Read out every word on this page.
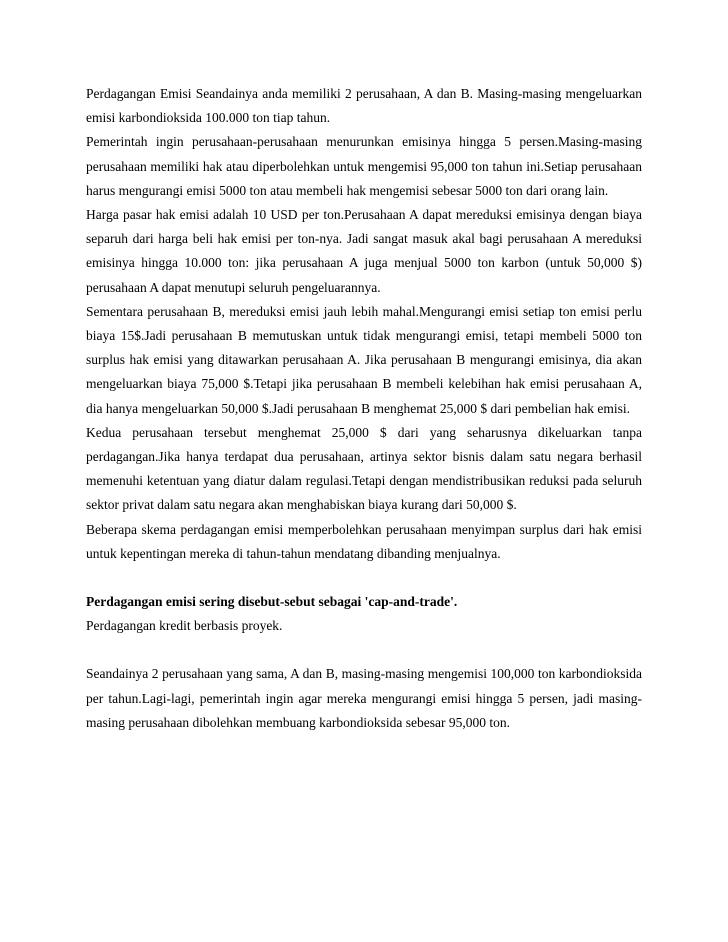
Perdagangan Emisi Seandainya anda memiliki 2 perusahaan, A dan B. Masing-masing mengeluarkan emisi karbondioksida 100.000 ton tiap tahun.

Pemerintah ingin perusahaan-perusahaan menurunkan emisinya hingga 5 persen.Masing-masing perusahaan memiliki hak atau diperbolehkan untuk mengemisi 95,000 ton tahun ini.Setiap perusahaan harus mengurangi emisi 5000 ton atau membeli hak mengemisi sebesar 5000 ton dari orang lain.

Harga pasar hak emisi adalah 10 USD per ton.Perusahaan A dapat mereduksi emisinya dengan biaya separuh dari harga beli hak emisi per ton-nya. Jadi sangat masuk akal bagi perusahaan A mereduksi emisinya hingga 10.000 ton: jika perusahaan A juga menjual 5000 ton karbon (untuk 50,000 $) perusahaan A dapat menutupi seluruh pengeluarannya.

Sementara perusahaan B, mereduksi emisi jauh lebih mahal.Mengurangi emisi setiap ton emisi perlu biaya 15$.Jadi perusahaan B memutuskan untuk tidak mengurangi emisi, tetapi membeli 5000 ton surplus hak emisi yang ditawarkan perusahaan A. Jika perusahaan B mengurangi emisinya, dia akan mengeluarkan biaya 75,000 $.Tetapi jika perusahaan B membeli kelebihan hak emisi perusahaan A, dia hanya mengeluarkan 50,000 $.Jadi perusahaan B menghemat 25,000 $ dari pembelian hak emisi.

Kedua perusahaan tersebut menghemat 25,000 $ dari yang seharusnya dikeluarkan tanpa perdagangan.Jika hanya terdapat dua perusahaan, artinya sektor bisnis dalam satu negara berhasil memenuhi ketentuan yang diatur dalam regulasi.Tetapi dengan mendistribusikan reduksi pada seluruh sektor privat dalam satu negara akan menghabiskan biaya kurang dari 50,000 $.

Beberapa skema perdagangan emisi memperbolehkan perusahaan menyimpan surplus dari hak emisi untuk kepentingan mereka di tahun-tahun mendatang dibanding menjualnya.

Perdagangan emisi sering disebut-sebut sebagai 'cap-and-trade'.

Perdagangan kredit berbasis proyek.

Seandainya 2 perusahaan yang sama, A dan B, masing-masing mengemisi 100,000 ton karbondioksida per tahun.Lagi-lagi, pemerintah ingin agar mereka mengurangi emisi hingga 5 persen, jadi masing-masing perusahaan dibolehkan membuang karbondioksida sebesar 95,000 ton.
